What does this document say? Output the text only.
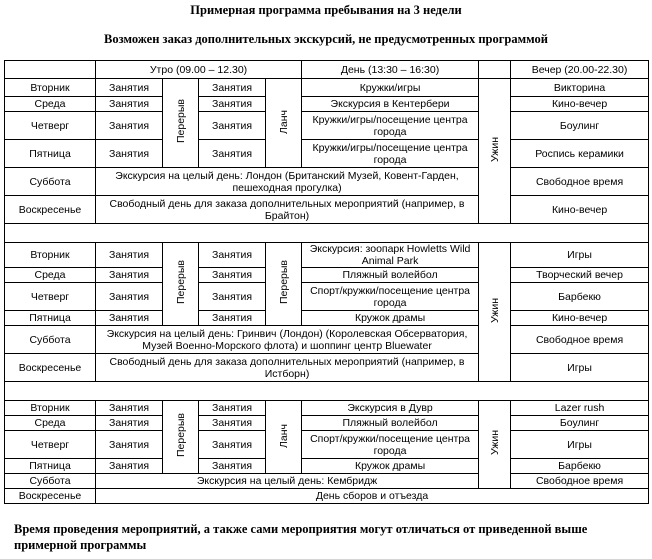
Примерная программа пребывания на 3 недели
Возможен заказ дополнительных экскурсий, не предусмотренных программой
	Утро (09.00 – 12.30)				День (13:30 – 16:30)		Вечер (20.00-22.30)
Вторник	Занятия	Перерыв	Занятия	Ланч	Кружки/игры	Ужин	Викторина
Среда	Занятия		Занятия		Экскурсия в Кентербери		Кино-вечер
Четверг	Занятия		Занятия		Кружки/игры/посещение центра города		Боулинг
Пятница	Занятия		Занятия		Кружки/игры/посещение центра города		Роспись керамики
Суббота	Экскурсия на целый день: Лондон (Британский Музей, Ковент-Гарден, пешеходная прогулка)						Свободное время
Воскресенье	Свободный день для заказа дополнительных мероприятий (например, в Брайтон)						Кино-вечер

Вторник	Занятия	Перерыв	Занятия	Перерыв	Экскурсия: зоопарк Howletts Wild Animal Park	Ужин	Игры
Среда	Занятия		Занятия		Пляжный волейбол		Творческий вечер
Четверг	Занятия		Занятия		Спорт/кружки/посещение центра города		Барбекю
Пятница	Занятия		Занятия		Кружок драмы		Кино-вечер
Суббота	Экскурсия на целый день: Гринвич (Лондон) (Королевская Обсерватория, Музей Военно-Морского флота) и шоппинг центр Bluewater						Свободное время
Воскресенье	Свободный день для заказа дополнительных мероприятий (например, в Истборн)						Игры

Вторник	Занятия	Перерыв	Занятия	Ланч	Экскурсия в Дувр	Ужин	Lazer rush
Среда	Занятия		Занятия		Пляжный волейбол		Боулинг
Четверг	Занятия		Занятия		Спорт/кружки/посещение центра города		Игры
Пятница	Занятия		Занятия		Кружок драмы		Барбекю
Суббота	Экскурсия на целый день: Кембридж						Свободное время
Воскресенье	День сборов и отъезда						
Время проведения мероприятий, а также сами мероприятия могут отличаться от приведенной выше примерной программы
